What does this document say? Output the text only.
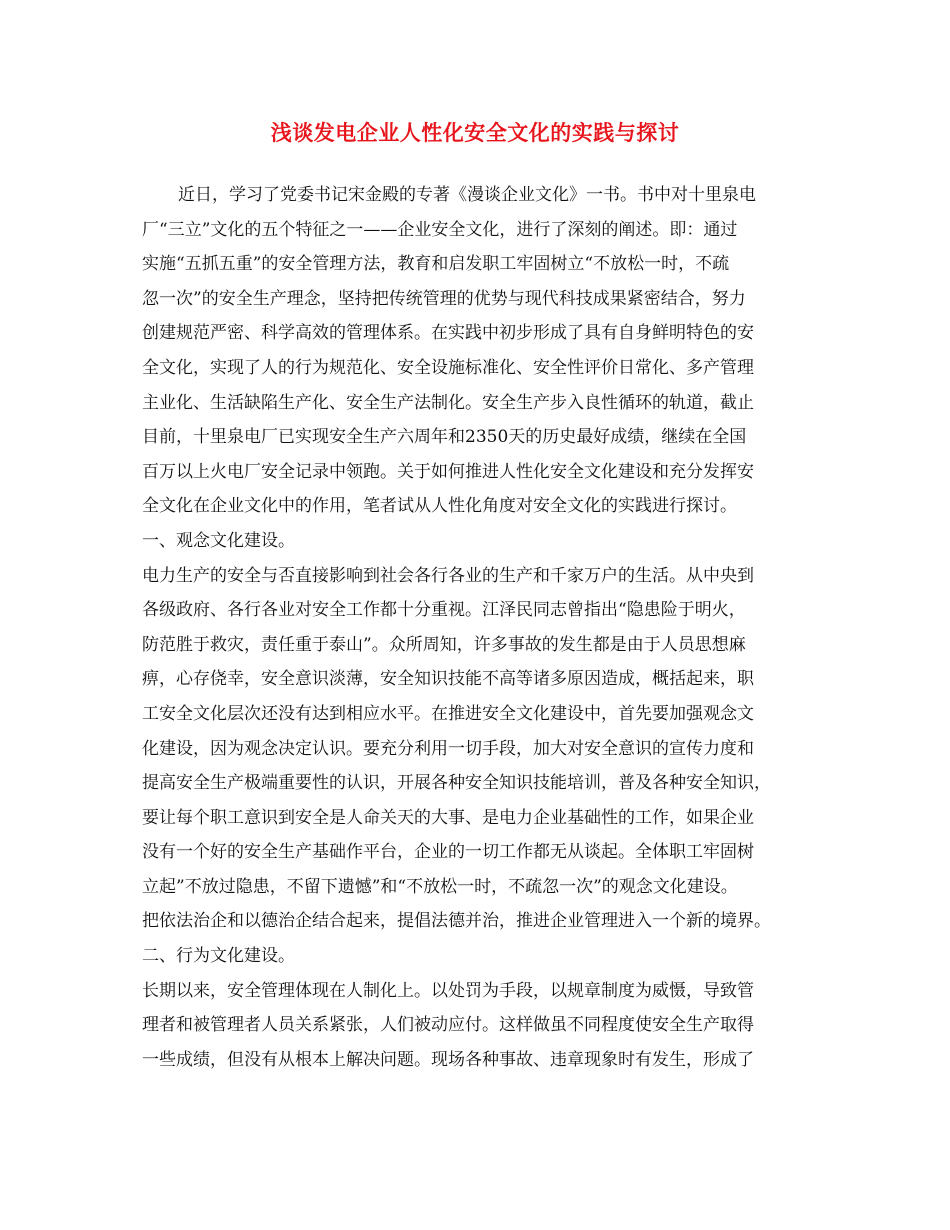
浅谈发电企业人性化安全文化的实践与探讨
近日，学习了党委书记宋金殿的专著《漫谈企业文化》一书。书中对十里泉电
厂“三立”文化的五个特征之一——企业安全文化，进行了深刻的阐述。即：通过
实施“五抓五重”的安全管理方法，教育和启发职工牢固树立“不放松一时，不疏
忽一次”的安全生产理念，坚持把传统管理的优势与现代科技成果紧密结合，努力
创建规范严密、科学高效的管理体系。在实践中初步形成了具有自身鲜明特色的安
全文化，实现了人的行为规范化、安全设施标准化、安全性评价日常化、多产管理
主业化、生活缺陷生产化、安全生产法制化。安全生产步入良性循环的轨道，截止
目前，十里泉电厂已实现安全生产六周年和2350天的历史最好成绩，继续在全国
百万以上火电厂安全记录中领跑。关于如何推进人性化安全文化建设和充分发挥安
全文化在企业文化中的作用，笔者试从人性化角度对安全文化的实践进行探讨。
一、观念文化建设。
电力生产的安全与否直接影响到社会各行各业的生产和千家万户的生活。从中央到
各级政府、各行各业对安全工作都十分重视。江泽民同志曾指出“隐患险于明火，
防范胜于救灾，责任重于泰山”。众所周知，许多事故的发生都是由于人员思想麻
痹，心存侥幸，安全意识淡薄，安全知识技能不高等诸多原因造成，概括起来，职
工安全文化层次还没有达到相应水平。在推进安全文化建设中，首先要加强观念文
化建设，因为观念决定认识。要充分利用一切手段，加大对安全意识的宣传力度和
提高安全生产极端重要性的认识，开展各种安全知识技能培训，普及各种安全知识，
要让每个职工意识到安全是人命关天的大事、是电力企业基础性的工作，如果企业
没有一个好的安全生产基础作平台，企业的一切工作都无从谈起。全体职工牢固树
立起”不放过隐患，不留下遗憾”和“不放松一时，不疏忽一次”的观念文化建设。
把依法治企和以德治企结合起来，提倡法德并治，推进企业管理进入一个新的境界。
二、行为文化建设。
长期以来，安全管理体现在人制化上。以处罚为手段，以规章制度为威慑，导致管
理者和被管理者人员关系紧张，人们被动应付。这样做虽不同程度使安全生产取得
一些成绩，但没有从根本上解决问题。现场各种事故、违章现象时有发生，形成了
